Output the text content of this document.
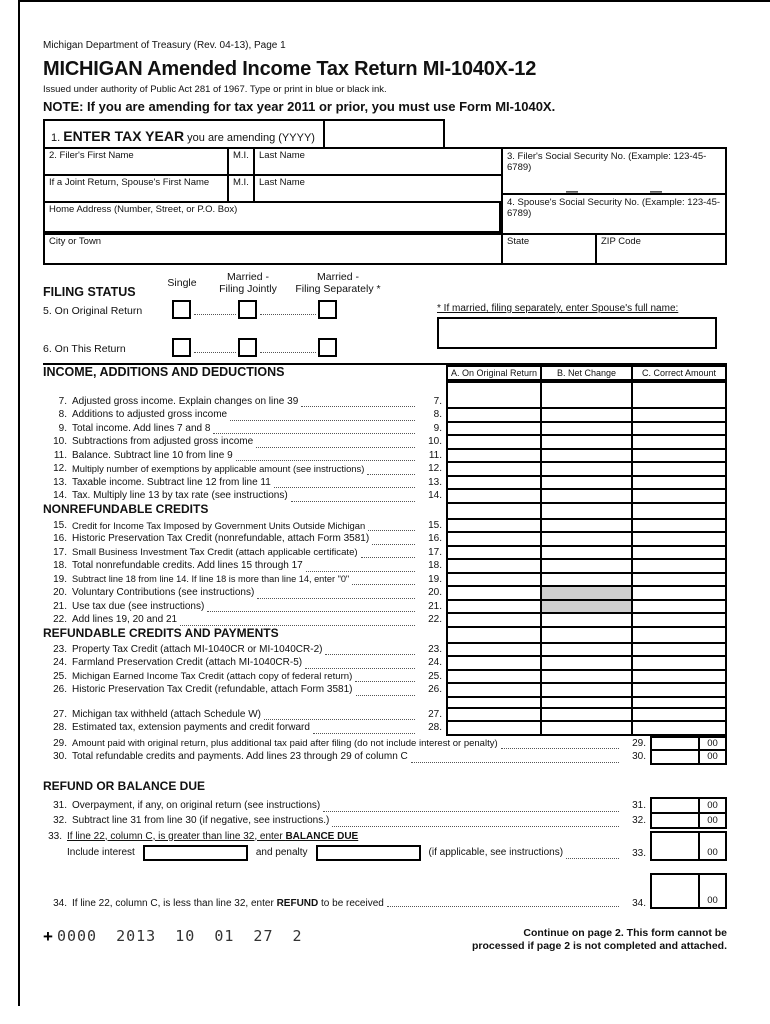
Michigan Department of Treasury (Rev. 04-13), Page 1
MICHIGAN Amended Income Tax Return MI-1040X-12
Issued under authority of Public Act 281 of 1967. Type or print in blue or black ink.
NOTE: If you are amending for tax year 2011 or prior, you must use Form MI-1040X.
1. ENTER TAX YEAR you are amending (YYYY)
2. Filer's First Name	M.I. Last Name
If a Joint Return, Spouse's First Name	M.I. Last Name
3. Filer's Social Security No. (Example: 123-45-6789)
—	—
4. Spouse's Social Security No. (Example: 123-45-6789)
Home Address (Number, Street, or P.O. Box)
City or Town	State	ZIP Code
FILING STATUS
Single	Married -
Filing Jointly
Married -
Filing Separately *
5. On Original Return
6. On This Return
* If married, filing separately, enter Spouse's full name:
INCOME, ADDITIONS AND DEDUCTIONS	A. On Original Return	B. Net Change	C. Correct Amount
7. Adjusted gross income. Explain changes on line 39	7.
8. Additions to adjusted gross income	8.
9. Total income. Add lines 7 and 8	9.
10. Subtractions from adjusted gross income	10.
11. Balance. Subtract line 10 from line 9	11.
12. Multiply number of exemptions by applicable amount (see instructions)	12.
13. Taxable income. Subtract line 12 from line 11	13.
14. Tax. Multiply line 13 by tax rate (see instructions)	14.
NONREFUNDABLE CREDITS
15. Credit for Income Tax Imposed by Government Units Outside Michigan	15.
16. Historic Preservation Tax Credit (nonrefundable, attach Form 3581)	16.
17. Small Business Investment Tax Credit (attach applicable certificate)	17.
18. Total nonrefundable credits. Add lines 15 through 17	18.
19. Subtract line 18 from line 14. If line 18 is more than line 14, enter "0"	19.
20. Voluntary Contributions (see instructions)	20.
21. Use tax due (see instructions)	21.
22. Add lines 19, 20 and 21	22.
REFUNDABLE CREDITS AND PAYMENTS
23. Property Tax Credit (attach MI-1040CR or MI-1040CR-2)	23.
24. Farmland Preservation Credit (attach MI-1040CR-5)	24.
25. Michigan Earned Income Tax Credit (attach copy of federal return)	25.
26. Historic Preservation Tax Credit (refundable, attach Form 3581)	26.
27. Michigan tax withheld (attach Schedule W)	27.
28. Estimated tax, extension payments and credit forward	28.
29. Amount paid with original return, plus additional tax paid after filing (do not include interest or penalty)	29.	00
30. Total refundable credits and payments. Add lines 23 through 29 of column C	30.	00
REFUND OR BALANCE DUE
31. Overpayment, if any, on original return (see instructions)	31.	00
32. Subtract line 31 from line 30 (if negative, see instructions.)	32.	00
33. If line 22, column C, is greater than line 32, enter BALANCE DUE
Include interest	and penalty	(if applicable, see instructions)	33.	00
34. If line 22, column C, is less than line 32, enter REFUND to be received	34.	00
+ 0000 2013 10 01 27 2	Continue on page 2. This form cannot be
processed if page 2 is not completed and attached.
